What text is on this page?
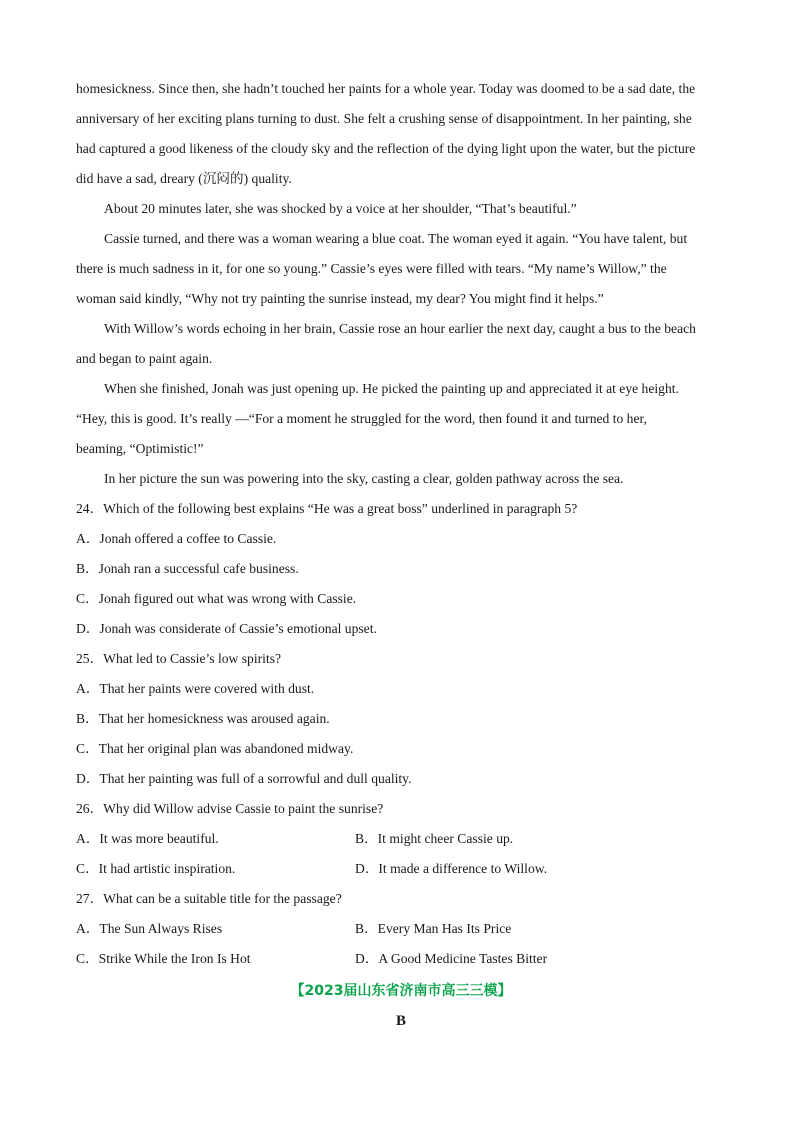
homesickness. Since then, she hadn’t touched her paints for a whole year. Today was doomed to be a sad date, the

anniversary of her exciting plans turning to dust. She felt a crushing sense of disappointment. In her painting, she

had captured a good likeness of the cloudy sky and the reflection of the dying light upon the water, but the picture

did have a sad, dreary (沉闷的) quality.

About 20 minutes later, she was shocked by a voice at her shoulder, “That’s beautiful.”

Cassie turned, and there was a woman wearing a blue coat. The woman eyed it again. “You have talent, but

there is much sadness in it, for one so young.” Cassie’s eyes were filled with tears. “My name’s Willow,” the

woman said kindly, “Why not try painting the sunrise instead, my dear? You might find it helps.”

With Willow’s words echoing in her brain, Cassie rose an hour earlier the next day, caught a bus to the beach

and began to paint again.

When she finished, Jonah was just opening up. He picked the painting up and appreciated it at eye height.

“Hey, this is good. It’s really —“For a moment he struggled for the word, then found it and turned to her,

beaming, “Optimistic!”

In her picture the sun was powering into the sky, casting a clear, golden pathway across the sea.

24．Which of the following best explains “He was a great boss” underlined in paragraph 5?

A．Jonah offered a coffee to Cassie.

B．Jonah ran a successful cafe business.

C．Jonah figured out what was wrong with Cassie.

D．Jonah was considerate of Cassie’s emotional upset.

25．What led to Cassie’s low spirits?

A．That her paints were covered with dust.

B．That her homesickness was aroused again.

C．That her original plan was abandoned midway.

D．That her painting was full of a sorrowful and dull quality.

26．Why did Willow advise Cassie to paint the sunrise?

A．It was more beautiful.	B．It might cheer Cassie up.

C．It had artistic inspiration.	D．It made a difference to Willow.

27．What can be a suitable title for the passage?

A．The Sun Always Rises	B．Every Man Has Its Price

C．Strike While the Iron Is Hot	D．A Good Medicine Tastes Bitter

【2023届山东省济南市高三三模】
B
